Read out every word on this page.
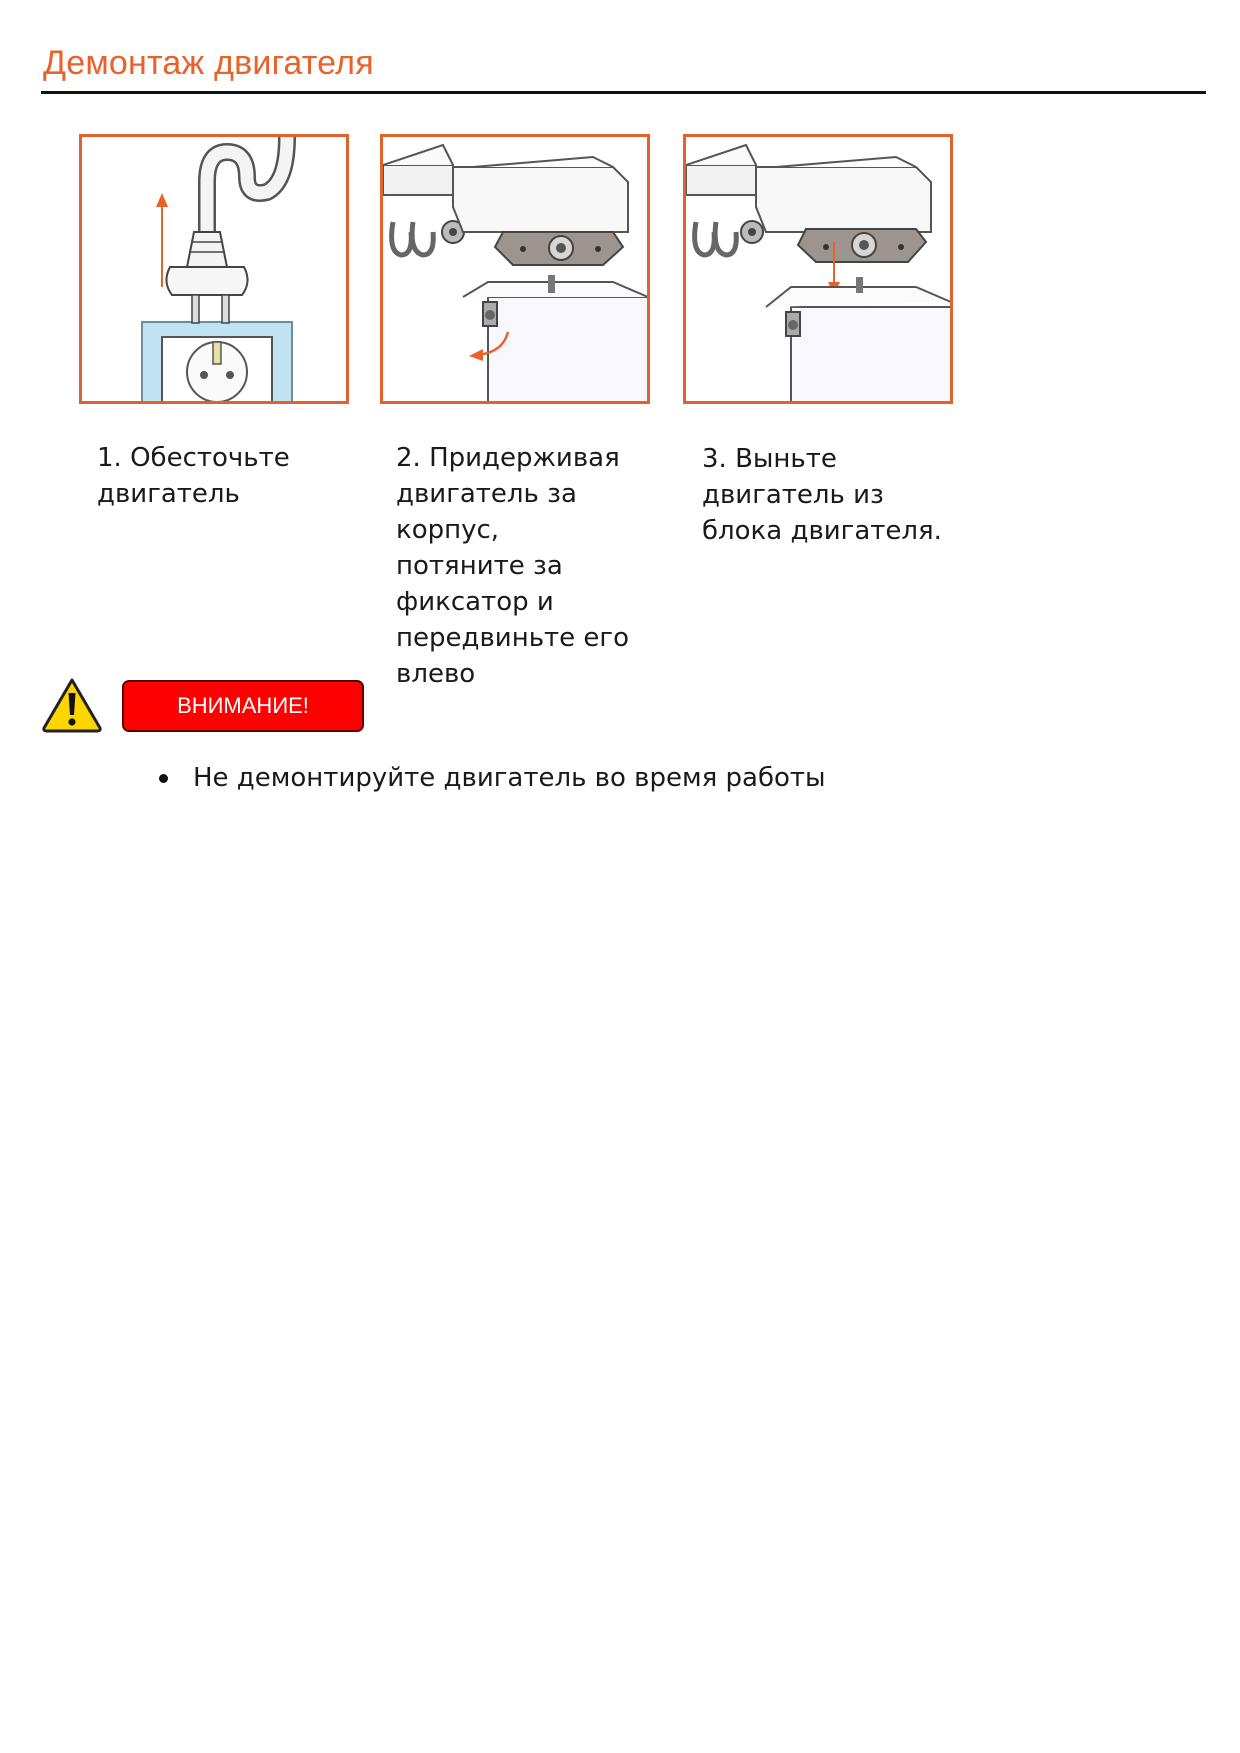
Демонтаж двигателя
1. Обесточьте двигатель
2. Придерживая двигатель за корпус, потяните за фиксатор и передвиньте его влево
3. Выньте двигатель из блока двигателя.
ВНИМАНИЕ!
Не демонтируйте двигатель во время работы
